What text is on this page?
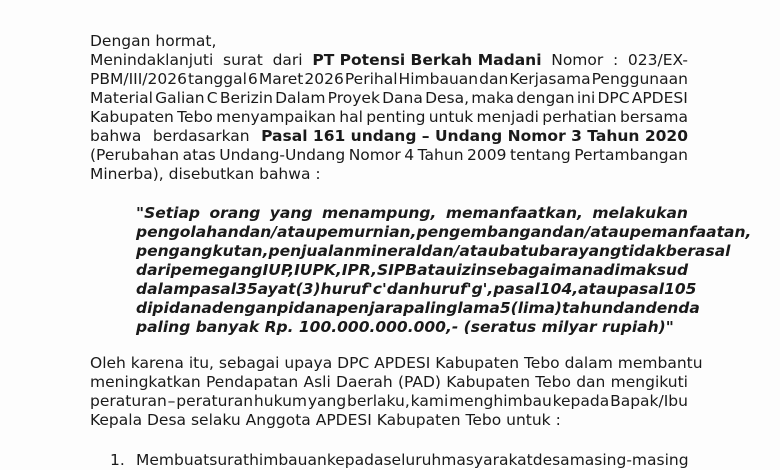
Dengan hormat,
Menindaklanjuti surat dari PT Potensi Berkah Madani Nomor : 023/EX-
PBM/III/2026 tanggal 6 Maret 2026 Perihal Himbauan dan Kerjasama Penggunaan
Material Galian C Berizin Dalam Proyek Dana Desa, maka dengan ini DPC APDESI
Kabupaten Tebo menyampaikan hal penting untuk menjadi perhatian bersama
bahwa berdasarkan Pasal 161 undang – Undang Nomor 3 Tahun 2020
(Perubahan atas Undang-Undang Nomor 4 Tahun 2009 tentang Pertambangan
Minerba), disebutkan bahwa :
"Setiap orang yang menampung, memanfaatkan, melakukan
pengolahan dan/atau pemurnian, pengembangan dan/atau pemanfaatan,
pengangkutan, penjualan mineral dan/atau batubara yang tidak berasal
dari pemegang IUP, IUPK, IPR, SIPB atau izin sebagaimana dimaksud
dalam pasal 35 ayat (3) huruf 'c' dan huruf 'g', pasal 104, atau pasal 105
dipidana dengan pidana penjara paling lama 5 (lima) tahun dan denda
paling banyak Rp. 100.000.000.000,- (seratus milyar rupiah)"
Oleh karena itu, sebagai upaya DPC APDESI Kabupaten Tebo dalam membantu
meningkatkan Pendapatan Asli Daerah (PAD) Kabupaten Tebo dan mengikuti
peraturan – peraturan hukum yang berlaku, kami menghimbau kepada Bapak/Ibu
Kepala Desa selaku Anggota APDESI Kabupaten Tebo untuk :
1. Membuat surat himbauan kepada seluruh masyarakat desa masing-masing
